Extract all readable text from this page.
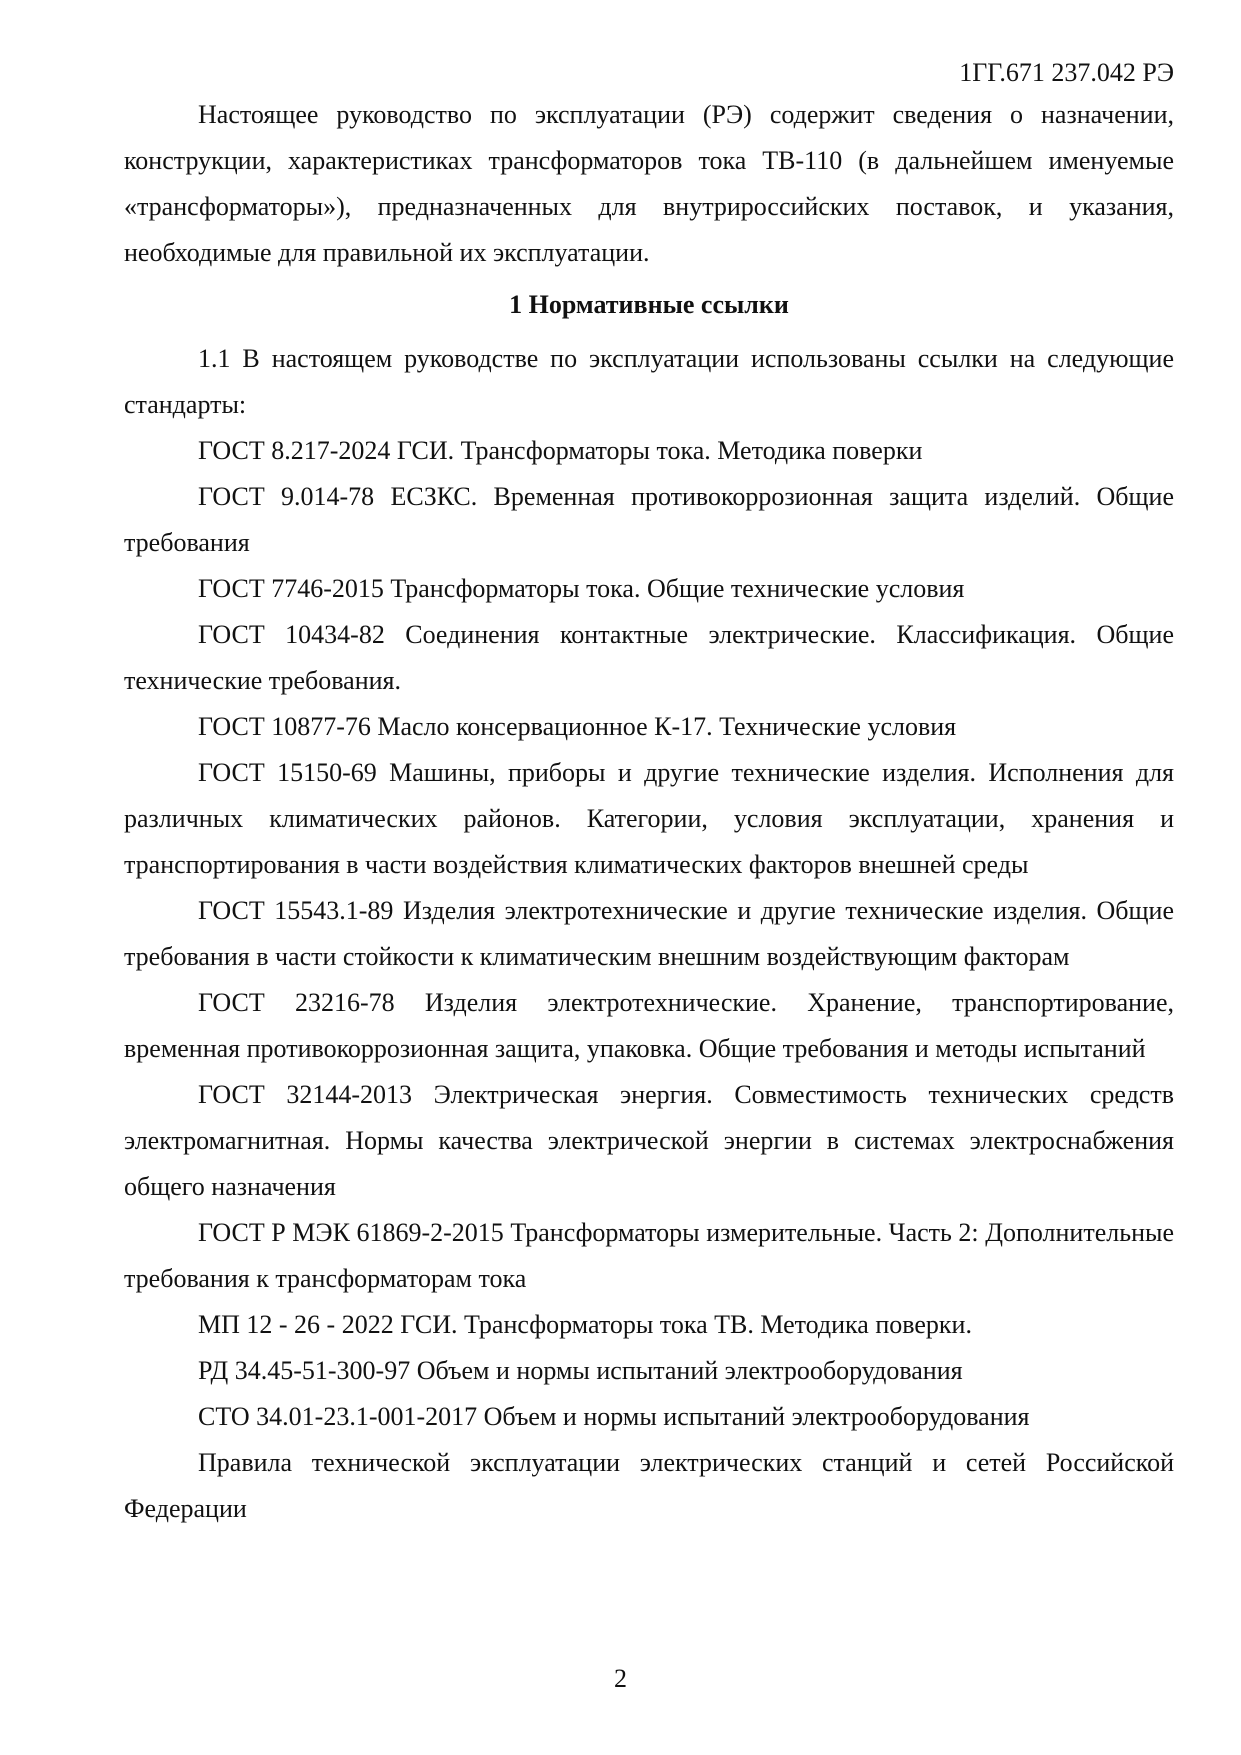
1ГГ.671 237.042 РЭ

Настоящее руководство по эксплуатации (РЭ) содержит сведения о назначении, конструкции, характеристиках трансформаторов тока ТВ-110 (в дальнейшем именуемые «трансформаторы»), предназначенных для внутрироссийских поставок, и указания, необходимые для правильной их эксплуатации.

1 Нормативные ссылки

1.1 В настоящем руководстве по эксплуатации использованы ссылки на следующие стандарты:

ГОСТ 8.217-2024 ГСИ. Трансформаторы тока. Методика поверки

ГОСТ 9.014-78 ЕСЗКС. Временная противокоррозионная защита изделий. Общие требования

ГОСТ 7746-2015 Трансформаторы тока. Общие технические условия

ГОСТ 10434-82 Соединения контактные электрические. Классификация. Общие технические требования.

ГОСТ 10877-76 Масло консервационное К-17. Технические условия

ГОСТ 15150-69 Машины, приборы и другие технические изделия. Исполнения для различных климатических районов. Категории, условия эксплуатации, хранения и транспортирования в части воздействия климатических факторов внешней среды

ГОСТ 15543.1-89 Изделия электротехнические и другие технические изделия. Общие требования в части стойкости к климатическим внешним воздействующим факторам

ГОСТ 23216-78 Изделия электротехнические. Хранение, транспортирование, временная противокоррозионная защита, упаковка. Общие требования и методы испытаний

ГОСТ 32144-2013 Электрическая энергия. Совместимость технических средств электромагнитная. Нормы качества электрической энергии в системах электроснабжения общего назначения

ГОСТ Р МЭК 61869-2-2015 Трансформаторы измерительные. Часть 2: Дополнительные требования к трансформаторам тока

МП 12 - 26 - 2022 ГСИ. Трансформаторы тока ТВ. Методика поверки.

РД 34.45-51-300-97 Объем и нормы испытаний электрооборудования

СТО 34.01-23.1-001-2017 Объем и нормы испытаний электрооборудования

Правила технической эксплуатации электрических станций и сетей Российской Федерации

2
